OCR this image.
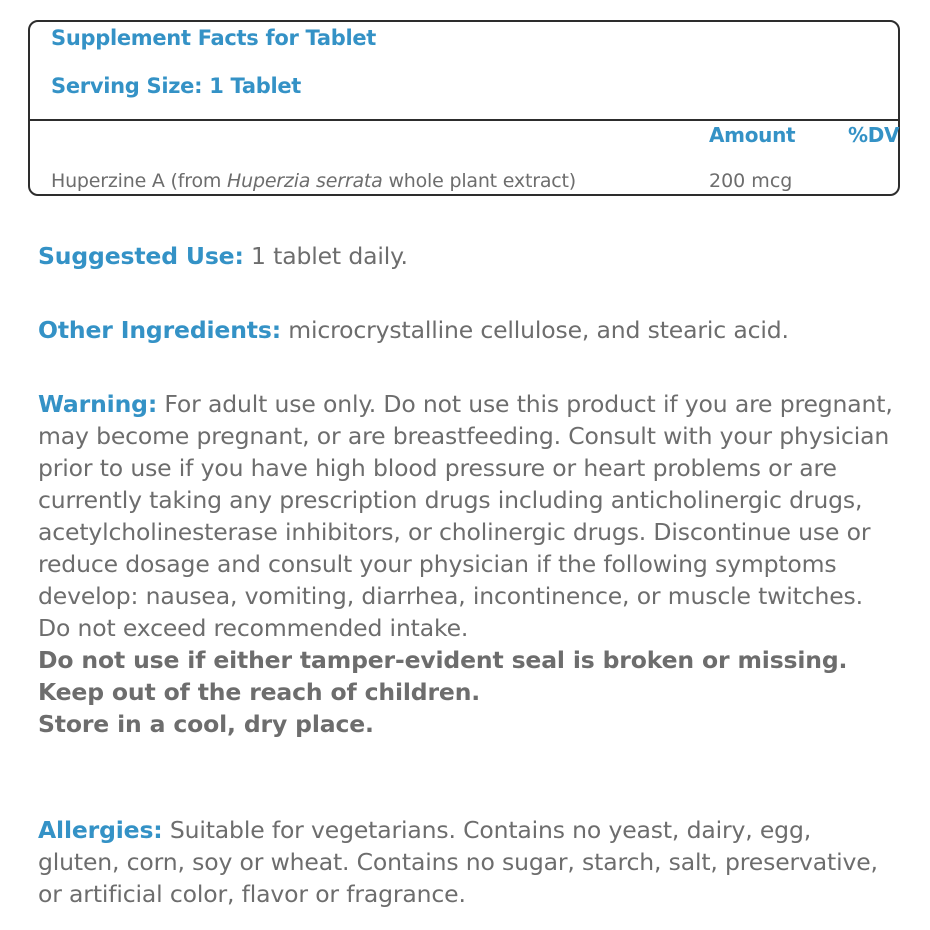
Supplement Facts for Tablet
Serving Size: 1 Tablet
Amount	%DV
Huperzine A (from Huperzia serrata whole plant extract)	200 mcg
Suggested Use: 1 tablet daily.
Other Ingredients: microcrystalline cellulose, and stearic acid.
Warning: For adult use only. Do not use this product if you are pregnant, may become pregnant, or are breastfeeding. Consult with your physician prior to use if you have high blood pressure or heart problems or are currently taking any prescription drugs including anticholinergic drugs, acetylcholinesterase inhibitors, or cholinergic drugs. Discontinue use or reduce dosage and consult your physician if the following symptoms develop: nausea, vomiting, diarrhea, incontinence, or muscle twitches. Do not exceed recommended intake.
Do not use if either tamper-evident seal is broken or missing.
Keep out of the reach of children.
Store in a cool, dry place.
Allergies: Suitable for vegetarians. Contains no yeast, dairy, egg, gluten, corn, soy or wheat. Contains no sugar, starch, salt, preservative, or artificial color, flavor or fragrance.
